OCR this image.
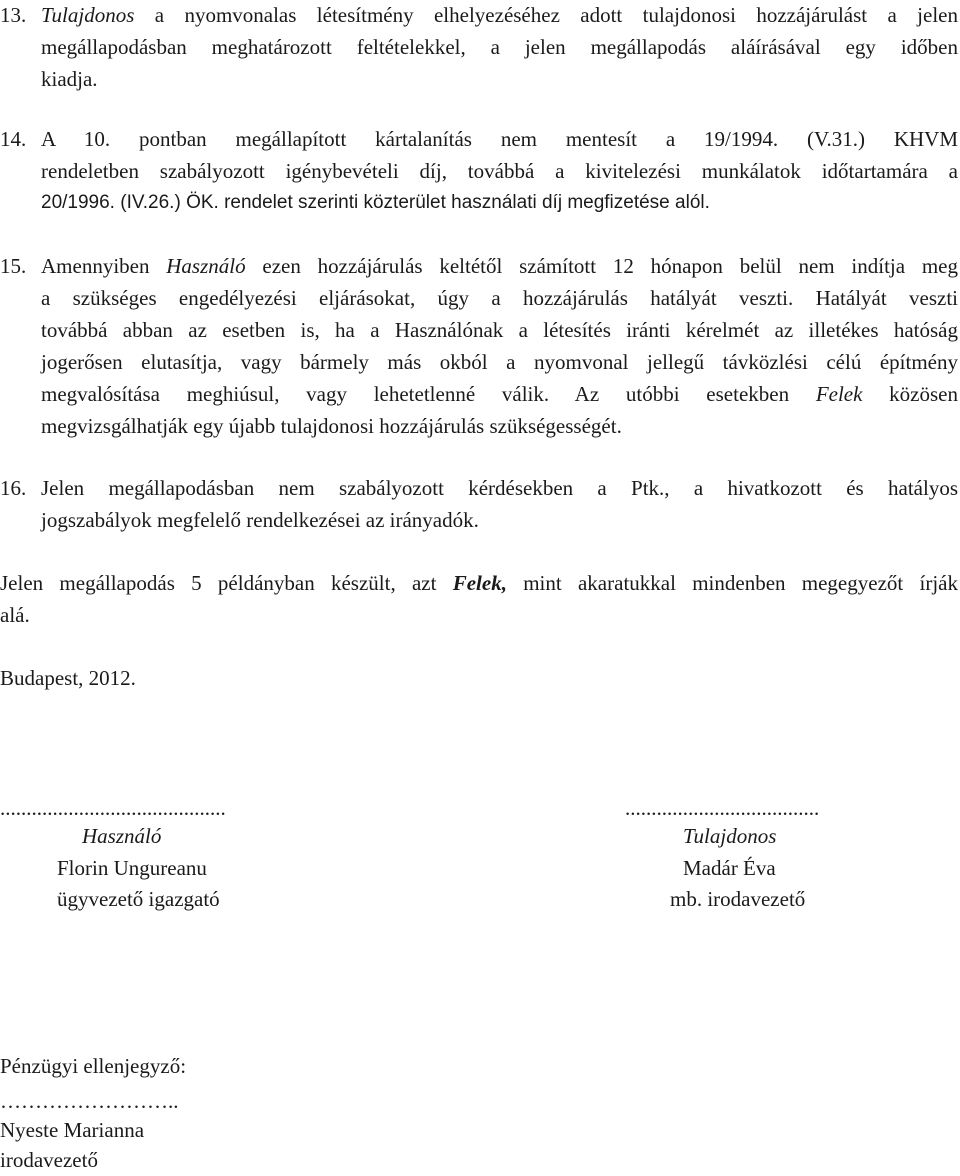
13. Tulajdonos a nyomvonalas létesítmény elhelyezéséhez adott tulajdonosi hozzájárulást a jelen
megállapodásban meghatározott feltételekkel, a jelen megállapodás aláírásával egy időben
kiadja.
14. A 10. pontban megállapított kártalanítás nem mentesít a 19/1994. (V.31.) KHVM
rendeletben szabályozott igénybevételi díj, továbbá a kivitelezési munkálatok időtartamára a
20/1996. (IV.26.) ÖK. rendelet szerinti közterület használati díj megfizetése alól.
15. Amennyiben Használó ezen hozzájárulás keltétől számított 12 hónapon belül nem indítja meg
a szükséges engedélyezési eljárásokat, úgy a hozzájárulás hatályát veszti. Hatályát veszti
továbbá abban az esetben is, ha a Használónak a létesítés iránti kérelmét az illetékes hatóság
jogerősen elutasítja, vagy bármely más okból a nyomvonal jellegű távközlési célú építmény
megvalósítása meghiúsul, vagy lehetetlenné válik. Az utóbbi esetekben Felek közösen
megvizsgálhatják egy újabb tulajdonosi hozzájárulás szükségességét.
16. Jelen megállapodásban nem szabályozott kérdésekben a Ptk., a hivatkozott és hatályos
jogszabályok megfelelő rendelkezései az irányadók.
Jelen megállapodás 5 példányban készült, azt Felek, mint akaratukkal mindenben megegyezőt írják
alá.
Budapest, 2012.
...........................................
Használó
Florin Ungureanu
ügyvezető igazgató
.....................................
Tulajdonos
Madár Éva
mb. irodavezető
Pénzügyi ellenjegyző:
……………………..
Nyeste Marianna
irodavezető
